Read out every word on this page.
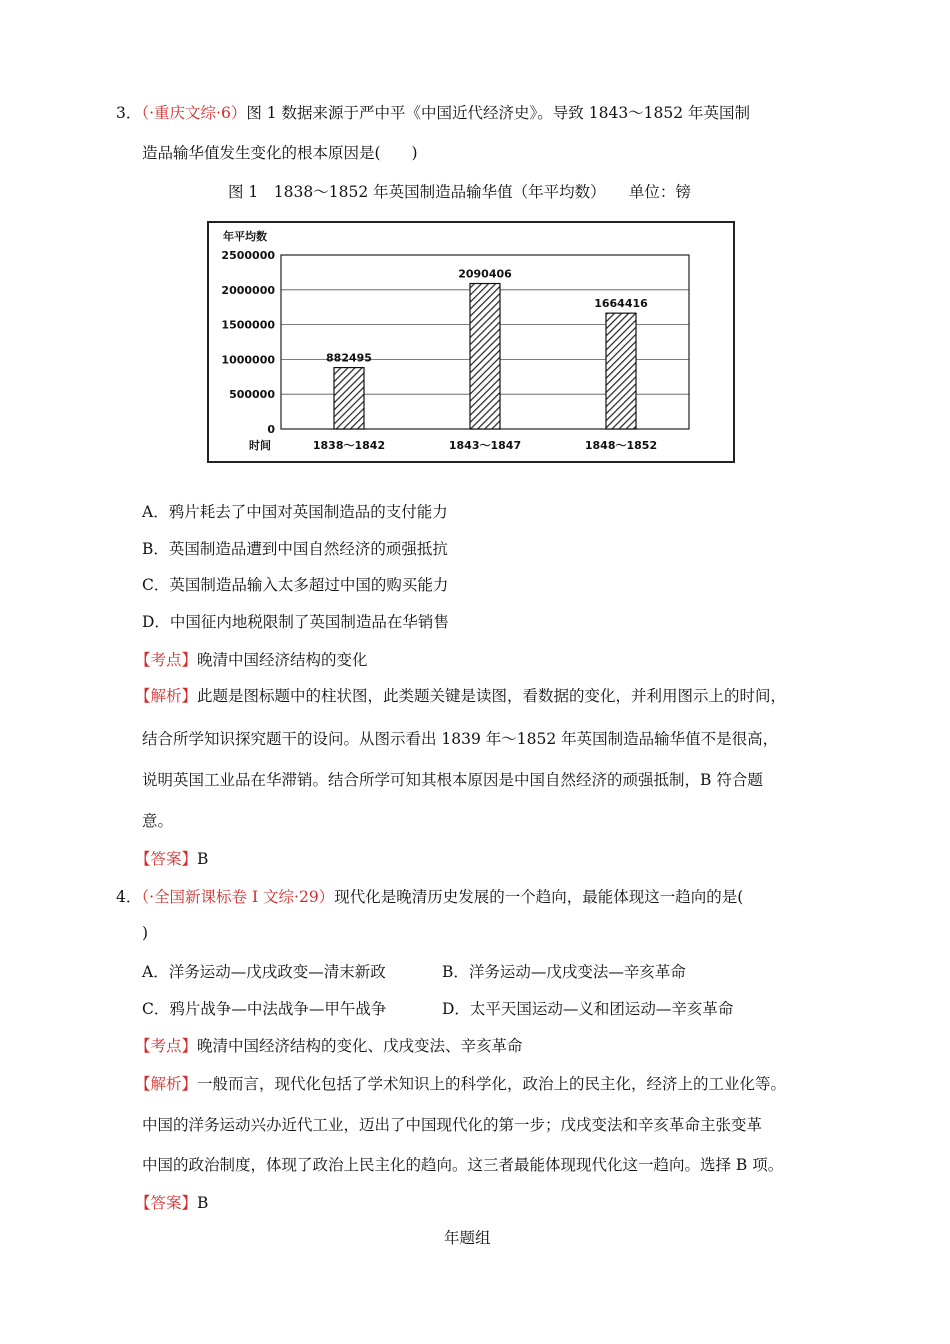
3．（·重庆文综·6）图 1 数据来源于严中平《中国近代经济史》。导致 1843～1852 年英国制
造品输华值发生变化的根本原因是(　　)
图 1　1838～1852 年英国制造品输华值（年平均数）　　单位：镑
年平均数
2500000
2000000
1500000
1000000
500000
0
882495
2090406
1664416
时间	1838～1842	1843～1847	1848～1852
A．鸦片耗去了中国对英国制造品的支付能力
B．英国制造品遭到中国自然经济的顽强抵抗
C．英国制造品输入太多超过中国的购买能力
D．中国征内地税限制了英国制造品在华销售
【考点】晚清中国经济结构的变化
【解析】此题是图标题中的柱状图，此类题关键是读图，看数据的变化，并利用图示上的时间，
结合所学知识探究题干的设问。从图示看出 1839 年～1852 年英国制造品输华值不是很高，
说明英国工业品在华滞销。结合所学可知其根本原因是中国自然经济的顽强抵制，B 符合题
意。
【答案】B
4．（·全国新课标卷 I 文综·29）现代化是晚清历史发展的一个趋向，最能体现这一趋向的是(
)
A．洋务运动—戊戌政变—清末新政	B．洋务运动—戊戌变法—辛亥革命
C．鸦片战争—中法战争—甲午战争	D．太平天国运动—义和团运动—辛亥革命
【考点】晚清中国经济结构的变化、戊戌变法、辛亥革命
【解析】一般而言，现代化包括了学术知识上的科学化，政治上的民主化，经济上的工业化等。
中国的洋务运动兴办近代工业，迈出了中国现代化的第一步；戊戌变法和辛亥革命主张变革
中国的政治制度，体现了政治上民主化的趋向。这三者最能体现现代化这一趋向。选择 B 项。
【答案】B
年题组
